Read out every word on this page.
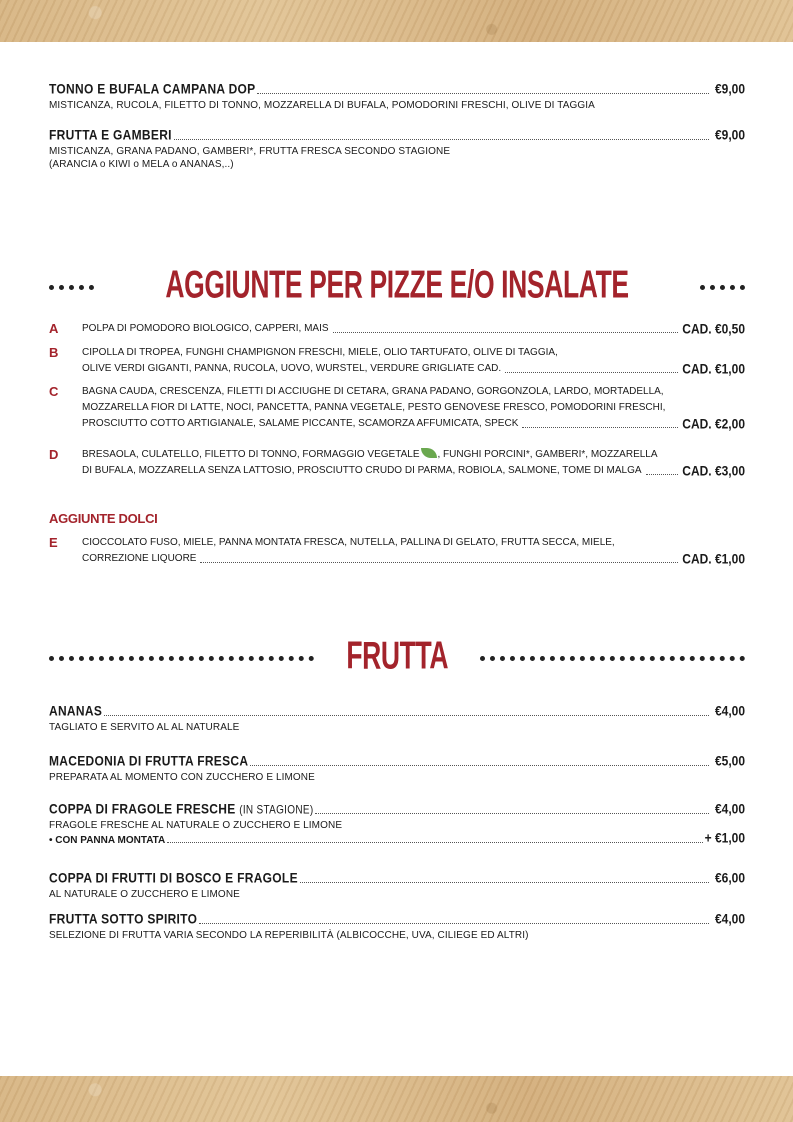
TONNO E BUFALA CAMPANA DOP	€9,00
MISTICANZA, RUCOLA, FILETTO DI TONNO, MOZZARELLA DI BUFALA, POMODORINI FRESCHI, OLIVE DI TAGGIA
FRUTTA E GAMBERI	€9,00
MISTICANZA, GRANA PADANO, GAMBERI*, FRUTTA FRESCA SECONDO STAGIONE
(ARANCIA o KIWI o MELA o ANANAS,..)
AGGIUNTE PER PIZZE E/O INSALATE
A POLPA DI POMODORO BIOLOGICO, CAPPERI, MAIS	CAD. €0,50
B CIPOLLA DI TROPEA, FUNGHI CHAMPIGNON FRESCHI, MIELE, OLIO TARTUFATO, OLIVE DI TAGGIA,
OLIVE VERDI GIGANTI, PANNA, RUCOLA, UOVO, WURSTEL, VERDURE GRIGLIATE CAD.	CAD. €1,00
C BAGNA CAUDA, CRESCENZA, FILETTI DI ACCIUGHE DI CETARA, GRANA PADANO, GORGONZOLA, LARDO, MORTADELLA,
MOZZARELLA FIOR DI LATTE, NOCI, PANCETTA, PANNA VEGETALE, PESTO GENOVESE FRESCO, POMODORINI FRESCHI,
PROSCIUTTO COTTO ARTIGIANALE, SALAME PICCANTE, SCAMORZA AFFUMICATA, SPECK	CAD. €2,00
D BRESAOLA, CULATELLO, FILETTO DI TONNO, FORMAGGIO VEGETALE , FUNGHI PORCINI*, GAMBERI*, MOZZARELLA
DI BUFALA, MOZZARELLA SENZA LATTOSIO, PROSCIUTTO CRUDO DI PARMA, ROBIOLA, SALMONE, TOME DI MALGA	CAD. €3,00
AGGIUNTE DOLCI
E CIOCCOLATO FUSO, MIELE, PANNA MONTATA FRESCA, NUTELLA, PALLINA DI GELATO, FRUTTA SECCA, MIELE,
CORREZIONE LIQUORE	CAD. €1,00
FRUTTA
ANANAS	€4,00
TAGLIATO E SERVITO AL AL NATURALE
MACEDONIA DI FRUTTA FRESCA	€5,00
PREPARATA AL MOMENTO CON ZUCCHERO E LIMONE
COPPA DI FRAGOLE FRESCHE (IN STAGIONE)	€4,00
FRAGOLE FRESCHE AL NATURALE O ZUCCHERO E LIMONE
• CON PANNA MONTATA	+ €1,00
COPPA DI FRUTTI DI BOSCO E FRAGOLE	€6,00
AL NATURALE O ZUCCHERO E LIMONE
FRUTTA SOTTO SPIRITO	€4,00
SELEZIONE DI FRUTTA VARIA SECONDO LA REPERIBILITÀ (ALBICOCCHE, UVA, CILIEGE ED ALTRI)
